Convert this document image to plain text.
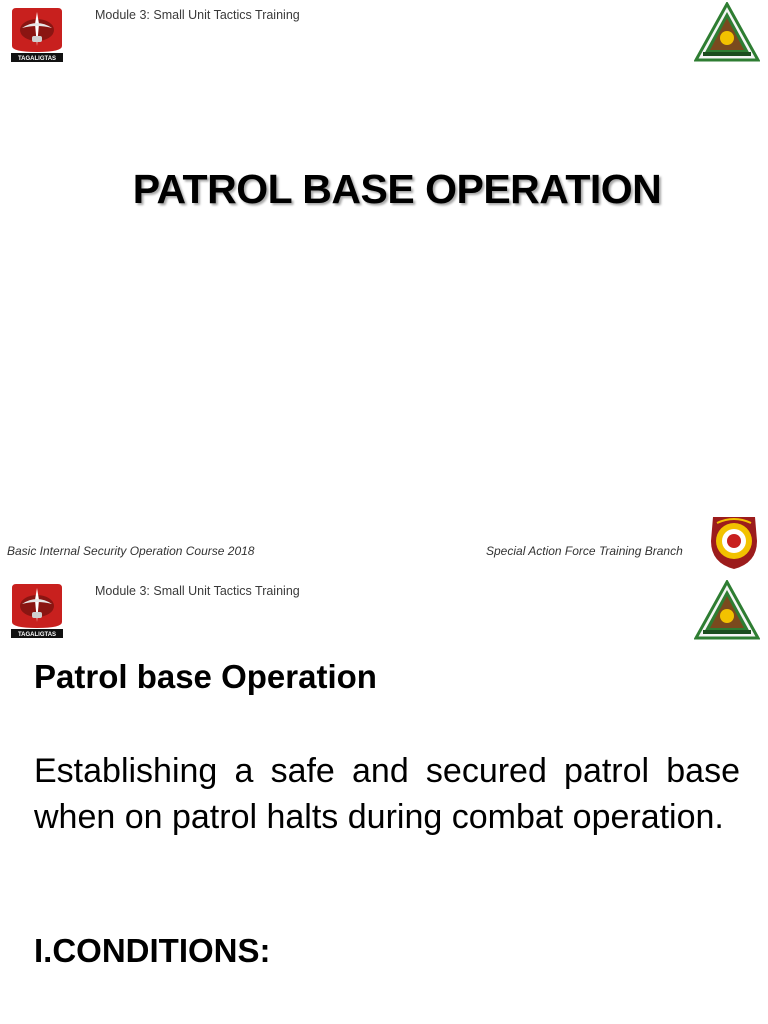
TAGALIGTAS
Module 3: Small Unit Tactics Training
PATROL BASE OPERATION
Basic Internal Security Operation Course 2018	Special Action Force Training Branch
TAGALIGTAS
Module 3: Small Unit Tactics Training
Patrol base Operation
Establishing a safe and secured patrol base when on patrol halts during combat operation.
I.CONDITIONS:
